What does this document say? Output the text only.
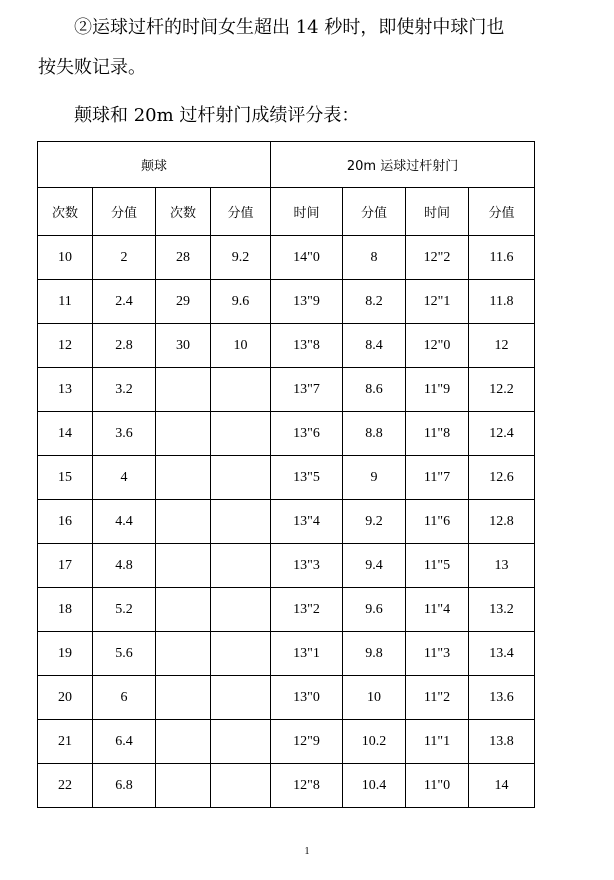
②运球过杆的时间女生超出 14 秒时，即使射中球门也
按失败记录。

颠球和 20m 过杆射门成绩评分表：

颠球				20m 运球过杆射门			
次数	分值	次数	分值	时间	分值	时间	分值
10	2	28	9.2	14"0	8	12"2	11.6
11	2.4	29	9.6	13"9	8.2	12"1	11.8
12	2.8	30	10	13"8	8.4	12"0	12
13	3.2			13"7	8.6	11"9	12.2
14	3.6			13"6	8.8	11"8	12.4
15	4			13"5	9	11"7	12.6
16	4.4			13"4	9.2	11"6	12.8
17	4.8			13"3	9.4	11"5	13
18	5.2			13"2	9.6	11"4	13.2
19	5.6			13"1	9.8	11"3	13.4
20	6			13"0	10	11"2	13.6
21	6.4			12"9	10.2	11"1	13.8
22	6.8			12"8	10.4	11"0	14
1
